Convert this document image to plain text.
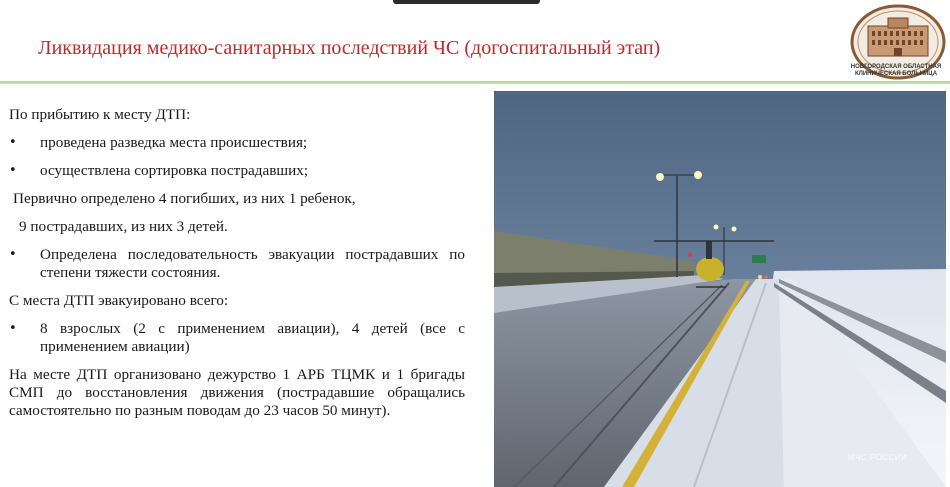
Ликвидация медико-санитарных последствий ЧС (догоспитальный этап)
НОВГОРОДСКАЯ ОБЛАСТНАЯ КЛИНИЧЕСКАЯ БОЛЬНИЦА
По прибытию к месту ДТП:
• проведена разведка места происшествия;
• осуществлена сортировка пострадавших;
Первично определено 4 погибших, из них 1 ребенок,
9 пострадавших, из них 3 детей.
• Определена последовательность эвакуации пострадавших по степени тяжести состояния.
С места ДТП эвакуировано всего:
• 8 взрослых (2 с применением авиации), 4 детей (все с применением авиации)
На месте ДТП организовано дежурство 1 АРБ ТЦМК и 1 бригады СМП до восстановления движения (пострадавшие обращались самостоятельно по разным поводам до 23 часов 50 минут).
МЧС РОССИИ
